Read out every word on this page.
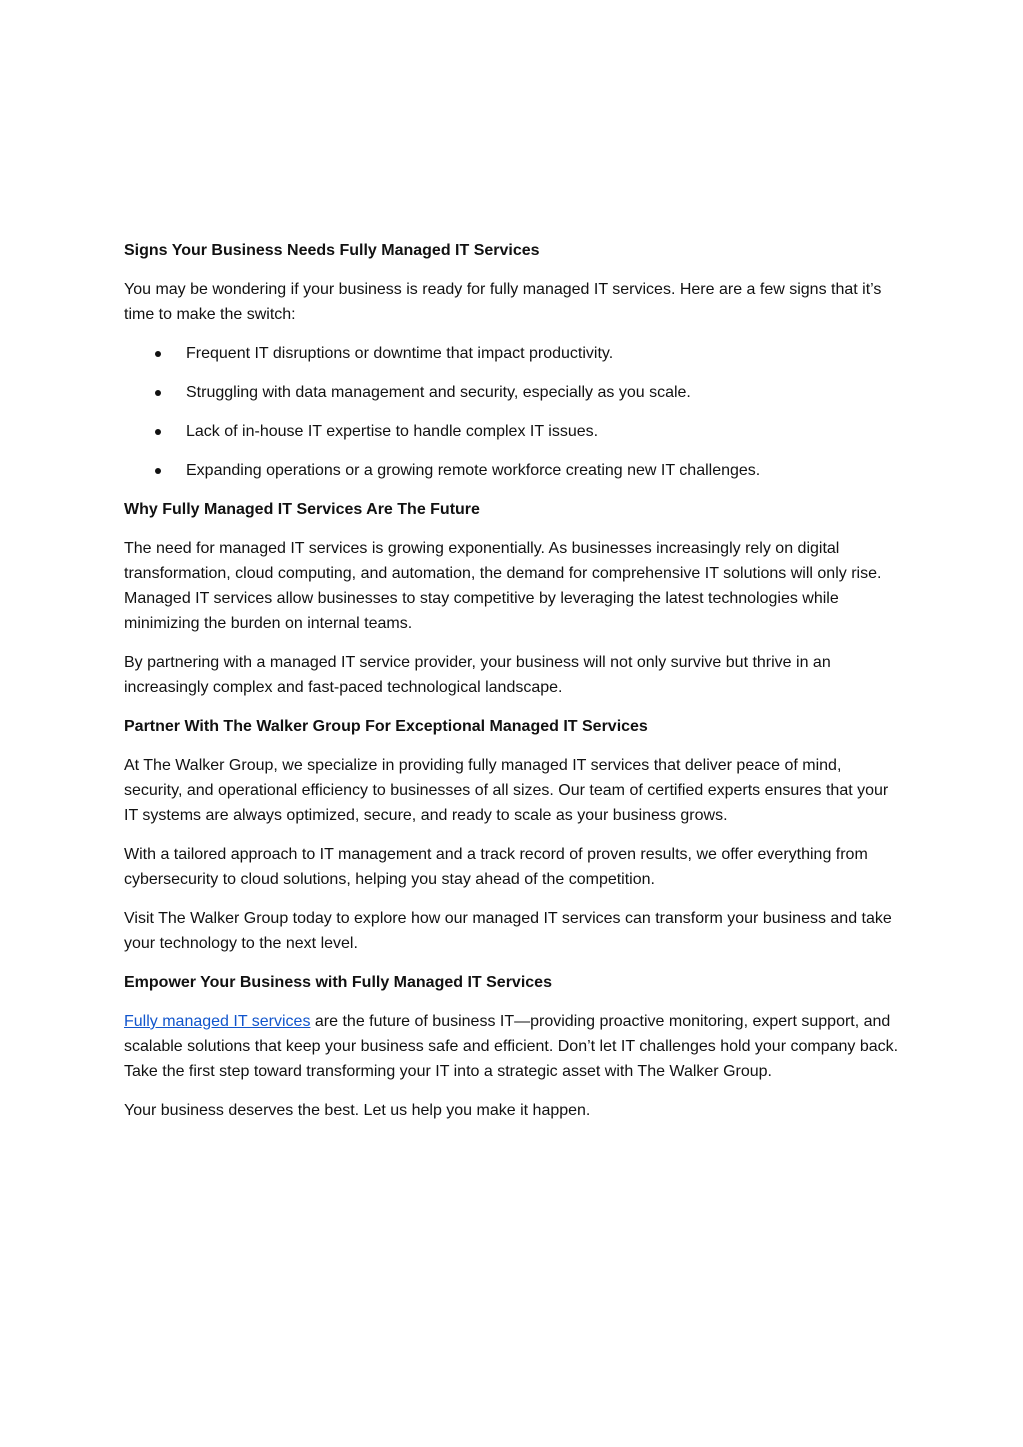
Signs Your Business Needs Fully Managed IT Services

You may be wondering if your business is ready for fully managed IT services. Here are a few signs that it’s time to make the switch:

Frequent IT disruptions or downtime that impact productivity.
Struggling with data management and security, especially as you scale.
Lack of in-house IT expertise to handle complex IT issues.
Expanding operations or a growing remote workforce creating new IT challenges.
Why Fully Managed IT Services Are The Future

The need for managed IT services is growing exponentially. As businesses increasingly rely on digital transformation, cloud computing, and automation, the demand for comprehensive IT solutions will only rise. Managed IT services allow businesses to stay competitive by leveraging the latest technologies while minimizing the burden on internal teams.

By partnering with a managed IT service provider, your business will not only survive but thrive in an increasingly complex and fast-paced technological landscape.

Partner With The Walker Group For Exceptional Managed IT Services

At The Walker Group, we specialize in providing fully managed IT services that deliver peace of mind, security, and operational efficiency to businesses of all sizes. Our team of certified experts ensures that your IT systems are always optimized, secure, and ready to scale as your business grows.

With a tailored approach to IT management and a track record of proven results, we offer everything from cybersecurity to cloud solutions, helping you stay ahead of the competition.

Visit The Walker Group today to explore how our managed IT services can transform your business and take your technology to the next level.

Empower Your Business with Fully Managed IT Services

Fully managed IT services are the future of business IT—providing proactive monitoring, expert support, and scalable solutions that keep your business safe and efficient. Don’t let IT challenges hold your company back. Take the first step toward transforming your IT into a strategic asset with The Walker Group.

Your business deserves the best. Let us help you make it happen.
